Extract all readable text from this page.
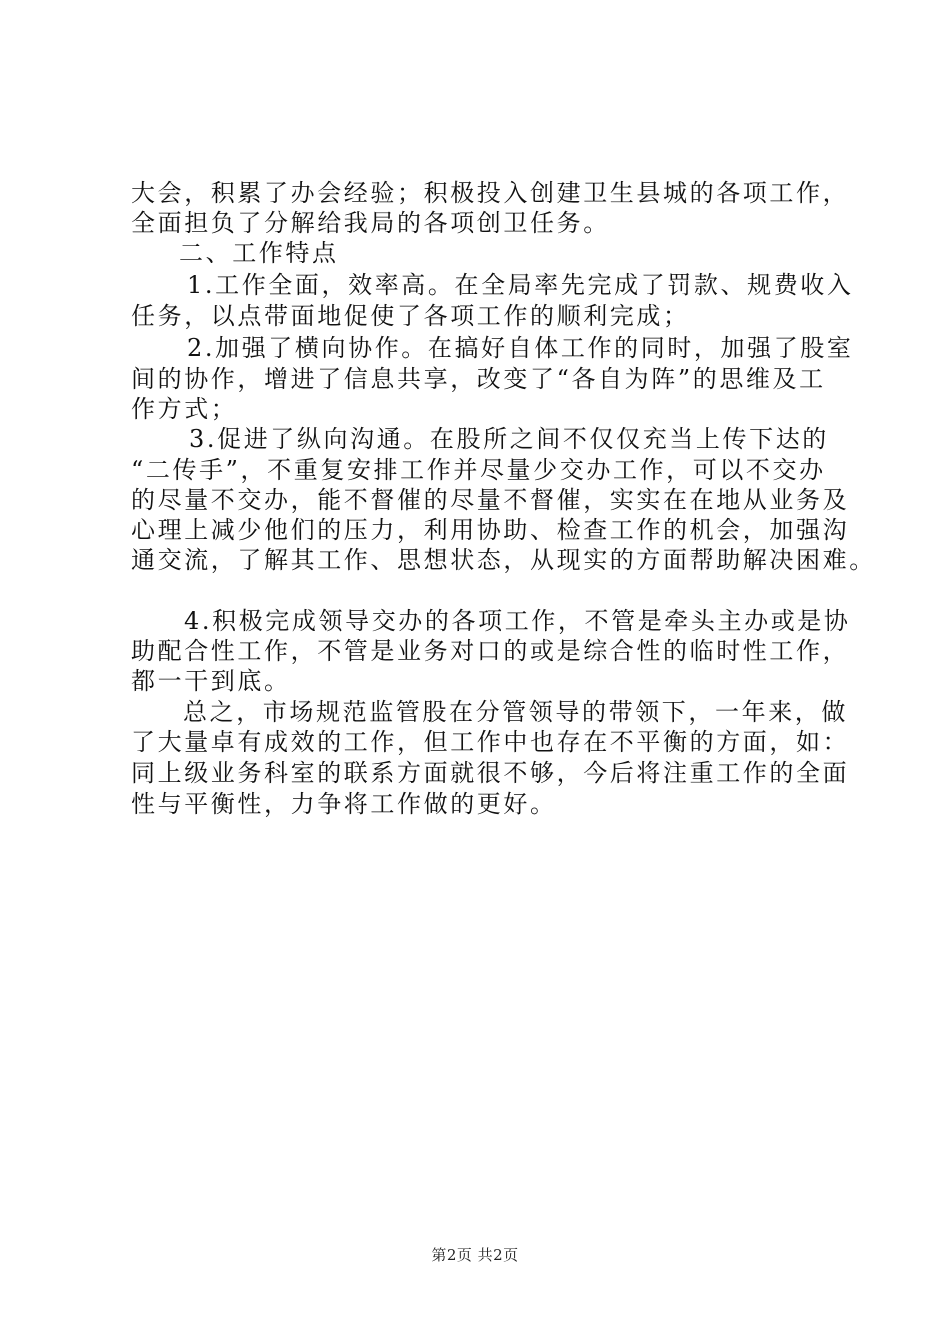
大会，积累了办会经验；积极投入创建卫生县城的各项工作，
全面担负了分解给我局的各项创卫任务。
二、工作特点
1.工作全面，效率高。在全局率先完成了罚款、规费收入
任务，以点带面地促使了各项工作的顺利完成；
2.加强了横向协作。在搞好自体工作的同时，加强了股室
间的协作，增进了信息共享，改变了“各自为阵”的思维及工
作方式；
3.促进了纵向沟通。在股所之间不仅仅充当上传下达的
“二传手”，不重复安排工作并尽量少交办工作，可以不交办
的尽量不交办，能不督催的尽量不督催，实实在在地从业务及
心理上减少他们的压力，利用协助、检查工作的机会，加强沟
通交流，了解其工作、思想状态，从现实的方面帮助解决困难。
4.积极完成领导交办的各项工作，不管是牵头主办或是协
助配合性工作，不管是业务对口的或是综合性的临时性工作，
都一干到底。
总之，市场规范监管股在分管领导的带领下，一年来，做
了大量卓有成效的工作，但工作中也存在不平衡的方面，如：
同上级业务科室的联系方面就很不够，今后将注重工作的全面
性与平衡性，力争将工作做的更好。
第2页 共2页
